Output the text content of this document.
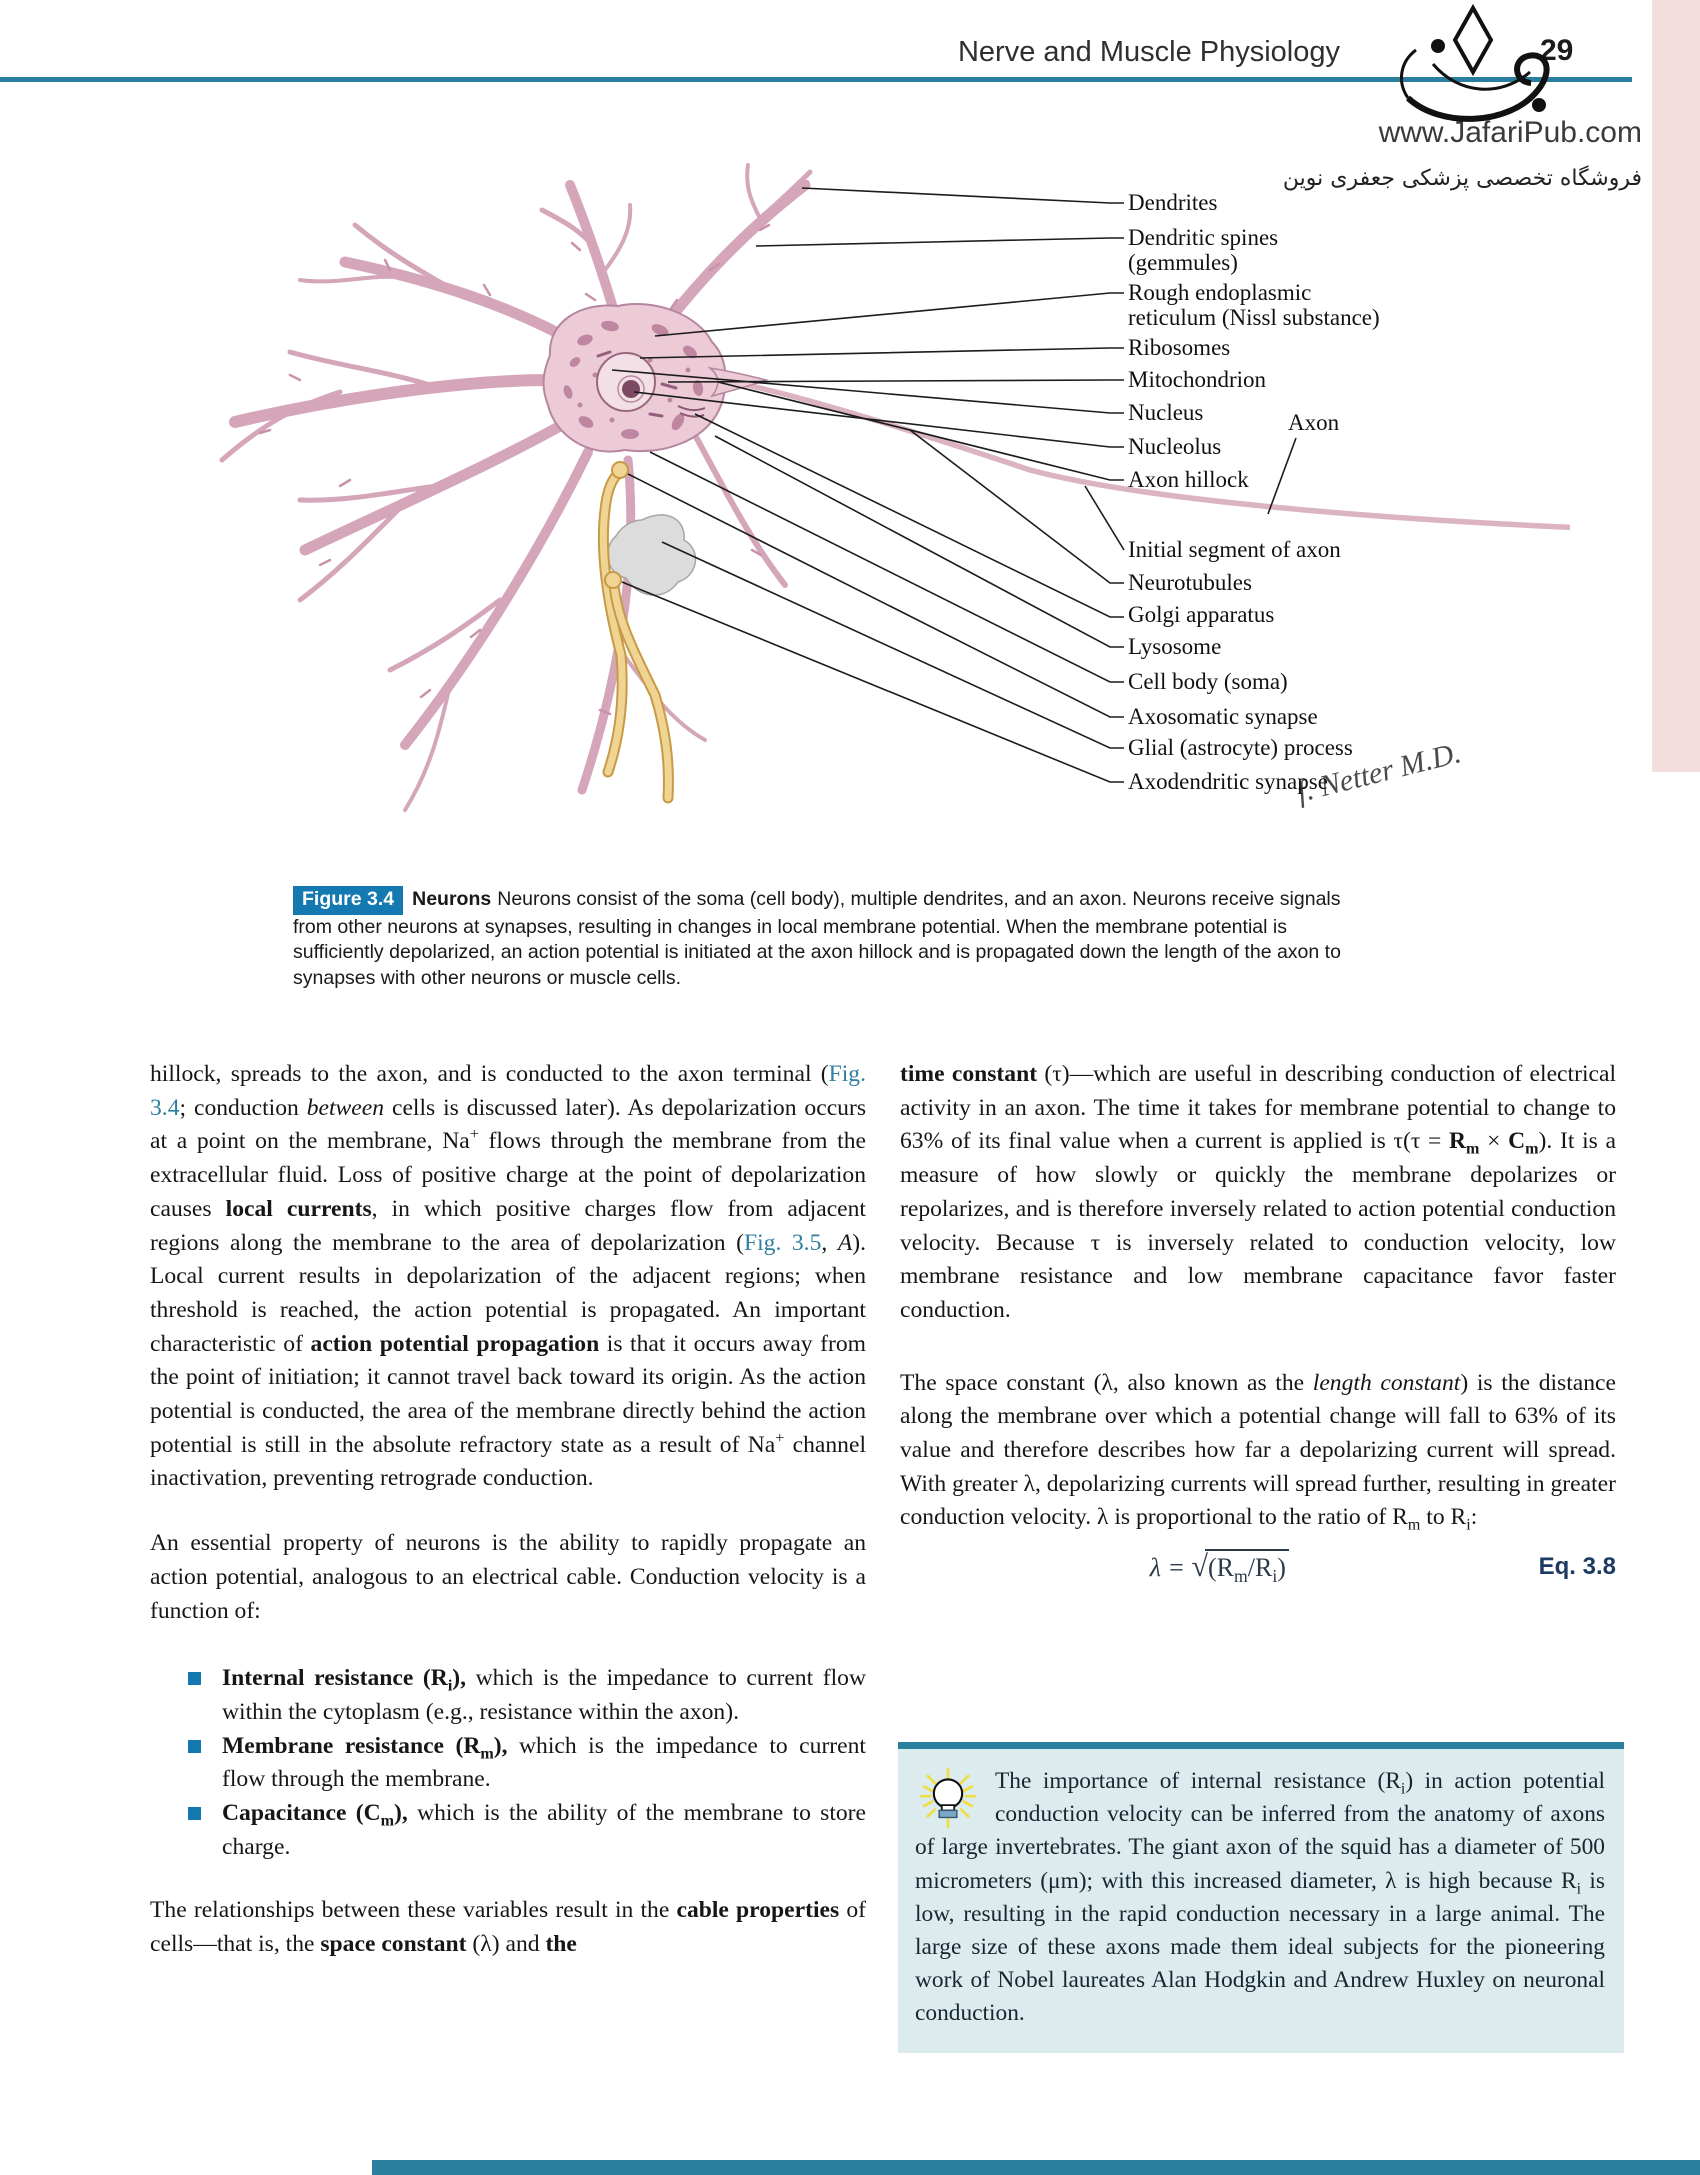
Nerve and Muscle Physiology	29
www.JafariPub.com
فروشگاه تخصصی پزشکی جعفری نوین
f. Netter M.D.
Dendrites
Dendritic spines
(gemmules)
Rough endoplasmic
reticulum (Nissl substance)
Ribosomes
Mitochondrion
Nucleus
Nucleolus
Axon hillock
Axon
Initial segment of axon
Neurotubules
Golgi apparatus
Lysosome
Cell body (soma)
Axosomatic synapse
Glial (astrocyte) process
Axodendritic synapse
Figure 3.4 Neurons Neurons consist of the soma (cell body), multiple dendrites, and an axon. Neurons receive signals from other neurons at synapses, resulting in changes in local membrane potential. When the membrane potential is sufficiently depolarized, an action potential is initiated at the axon hillock and is propagated down the length of the axon to synapses with other neurons or muscle cells.

hillock, spreads to the axon, and is conducted to the axon terminal (Fig. 3.4; conduction between cells is discussed later). As depolarization occurs at a point on the membrane, Na+ flows through the membrane from the extracellular fluid. Loss of positive charge at the point of depolarization causes local currents, in which positive charges flow from adjacent regions along the membrane to the area of depolarization (Fig. 3.5, A). Local current results in depolarization of the adjacent regions; when threshold is reached, the action potential is propagated. An important characteristic of action potential propagation is that it occurs away from the point of initiation; it cannot travel back toward its origin. As the action potential is conducted, the area of the membrane directly behind the action potential is still in the absolute refractory state as a result of Na+ channel inactivation, preventing retrograde conduction.

An essential property of neurons is the ability to rapidly propagate an action potential, analogous to an electrical cable. Conduction velocity is a function of:

Internal resistance $(R_i)$, which is the impedance to current flow within the cytoplasm (e.g., resistance within the axon).
Membrane resistance $(R_m)$, which is the impedance to current flow through the membrane.
Capacitance $(C_m)$, which is the ability of the membrane to store charge.

The relationships between these variables result in the cable properties of cells—that is, the space constant (λ) and the

time constant (τ)—which are useful in describing conduction of electrical activity in an axon. The time it takes for membrane potential to change to 63% of its final value when a current is applied is $\tau(\tau = R_m \times C_m)$. It is a measure of how slowly or quickly the membrane depolarizes or repolarizes, and is therefore inversely related to action potential conduction velocity. Because τ is inversely related to conduction velocity, low membrane resistance and low membrane capacitance favor faster conduction.

The space constant (λ, also known as the length constant) is the distance along the membrane over which a potential change will fall to 63% of its value and therefore describes how far a depolarizing current will spread. With greater λ, depolarizing currents will spread further, resulting in greater conduction velocity. λ is proportional to the ratio of $R_m$ to $R_i$:

$\lambda = √(R_m/R_i)$	Eq. 3.8
The importance of internal resistance $(R_i)$ in action potential conduction velocity can be inferred from the anatomy of axons of large invertebrates. The giant axon of the squid has a diameter of 500 micrometers (μm); with this increased diameter, λ is high because $R_i$ is low, resulting in the rapid conduction necessary in a large animal. The large size of these axons made them ideal subjects for the pioneering work of Nobel laureates Alan Hodgkin and Andrew Huxley on neuronal conduction.
